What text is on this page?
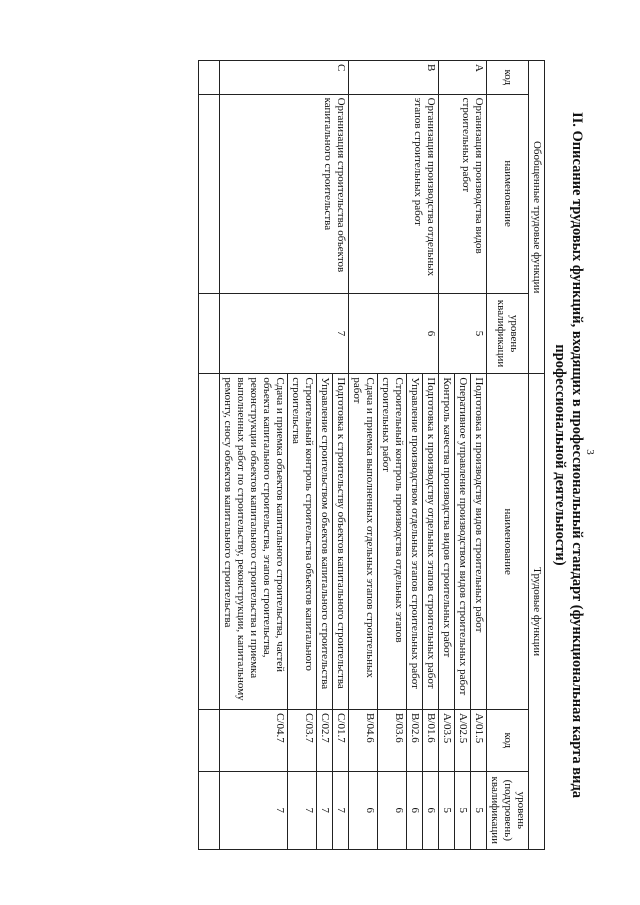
3
II. Описание трудовых функций, входящих в профессиональный стандарт (функциональная карта вида профессиональной деятельности)
Обобщенные трудовые функции			Трудовые функции		
код	наименование	уровень квалификации	наименование	код	уровень (подуровень) квалификации
A	Организация производства видов строительных работ	5	Подготовка к производству видов строительных работ	A/01.5	5
			Оперативное управление производством видов строительных работ	A/02.5	5
			Контроль качества производства видов строительных работ	A/03.5	5
B	Организация производства отдельных этапов строительных работ	6	Подготовка к производству отдельных этапов строительных работ	B/01.6	6
			Управление производством отдельных этапов строительных работ	B/02.6	6
			Строительный контроль производства отдельных этапов строительных работ	B/03.6	6
			Сдача и приемка выполненных отдельных этапов строительных работ	B/04.6	6
C	Организация строительства объектов капитального строительства	7	Подготовка к строительству объектов капитального строительства	C/01.7	7
			Управление строительством объектов капитального строительства	C/02.7	7
			Строительный контроль строительства объектов капитального строительства	C/03.7	7
			Сдача и приемка объектов капитального строительства, частей объекта капитального строительства, этапов строительства, реконструкции объектов капитального строительства и приемка выполненных работ по строительству, реконструкции, капитальному ремонту, сносу объектов капитального строительства	C/04.7	7
